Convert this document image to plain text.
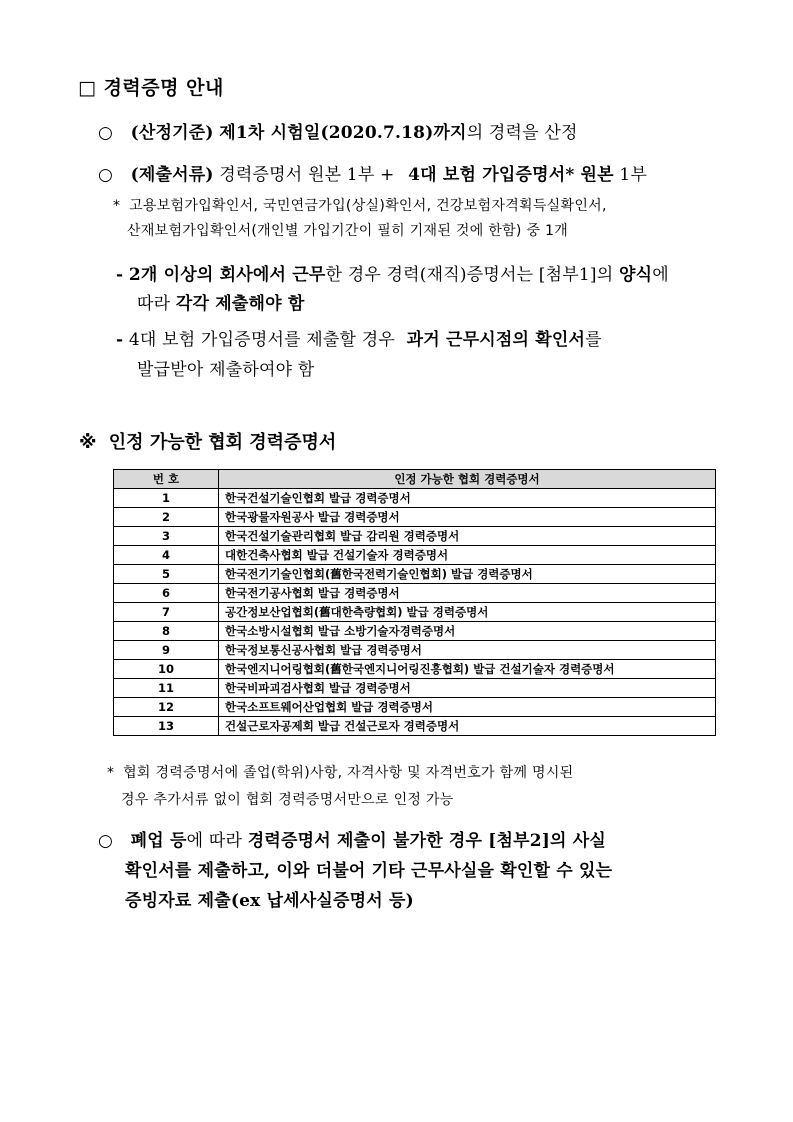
□ 경력증명 안내
○ (산정기준) 제1차 시험일(2020.7.18)까지의 경력을 산정
○ (제출서류) 경력증명서 원본 1부 + 4대 보험 가입증명서* 원본 1부
* 고용보험가입확인서, 국민연금가입(상실)확인서, 건강보험자격획득실확인서,
산재보험가입확인서(개인별 가입기간이 필히 기재된 것에 한함) 중 1개
- 2개 이상의 회사에서 근무한 경우 경력(재직)증명서는 [첨부1]의 양식에
따라 각각 제출해야 함
- 4대 보험 가입증명서를 제출할 경우 과거 근무시점의 확인서를
발급받아 제출하여야 함
※ 인정 가능한 협회 경력증명서
번 호	인정 가능한 협회 경력증명서
1	한국건설기술인협회 발급 경력증명서
2	한국광물자원공사 발급 경력증명서
3	한국건설기술관리협회 발급 감리원 경력증명서
4	대한건축사협회 발급 건설기술자 경력증명서
5	한국전기기술인협회(舊한국전력기술인협회) 발급 경력증명서
6	한국전기공사협회 발급 경력증명서
7	공간정보산업협회(舊대한측량협회) 발급 경력증명서
8	한국소방시설협회 발급 소방기술자경력증명서
9	한국정보통신공사협회 발급 경력증명서
10	한국엔지니어링협회(舊한국엔지니어링진흥협회) 발급 건설기술자 경력증명서
11	한국비파괴검사협회 발급 경력증명서
12	한국소프트웨어산업협회 발급 경력증명서
13	건설근로자공제회 발급 건설근로자 경력증명서
* 협회 경력증명서에 졸업(학위)사항, 자격사항 및 자격번호가 함께 명시된
경우 추가서류 없이 협회 경력증명서만으로 인정 가능
○ 폐업 등에 따라 경력증명서 제출이 불가한 경우 [첨부2]의 사실
확인서를 제출하고, 이와 더불어 기타 근무사실을 확인할 수 있는
증빙자료 제출(ex 납세사실증명서 등)
